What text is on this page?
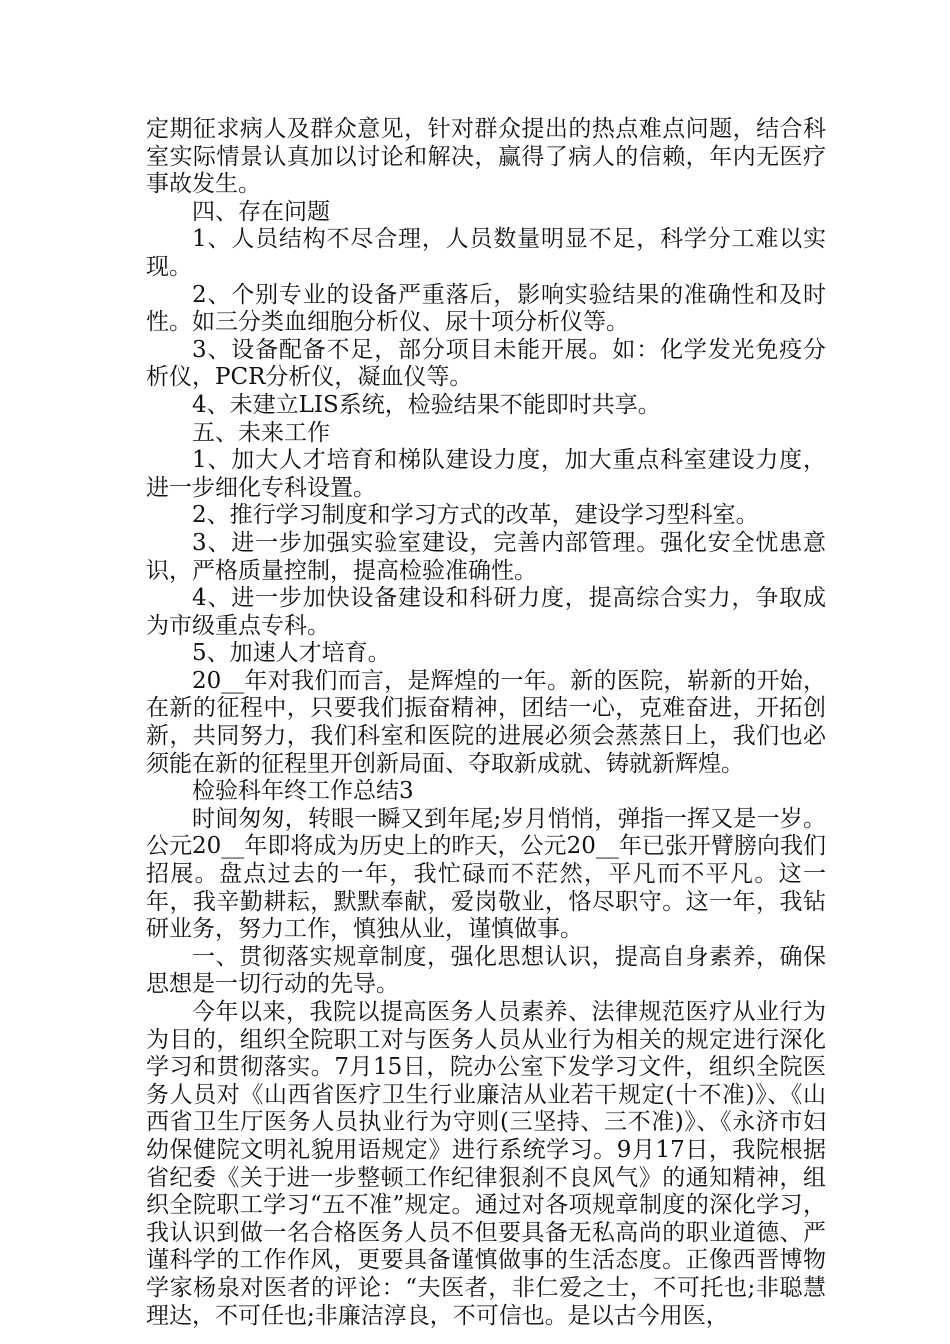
定期征求病人及群众意见，针对群众提出的热点难点问题，结合科室实际情景认真加以讨论和解决，赢得了病人的信赖，年内无医疗事故发生。

四、存在问题

1、人员结构不尽合理，人员数量明显不足，科学分工难以实现。

2、个别专业的设备严重落后，影响实验结果的准确性和及时性。如三分类血细胞分析仪、尿十项分析仪等。

3、设备配备不足，部分项目未能开展。如：化学发光免疫分析仪，PCR分析仪，凝血仪等。

4、未建立LIS系统，检验结果不能即时共享。

五、未来工作

1、加大人才培育和梯队建设力度，加大重点科室建设力度，进一步细化专科设置。

2、推行学习制度和学习方式的改革，建设学习型科室。

3、进一步加强实验室建设，完善内部管理。强化安全忧患意识，严格质量控制，提高检验准确性。

4、进一步加快设备建设和科研力度，提高综合实力，争取成为市级重点专科。

5、加速人才培育。

20__年对我们而言，是辉煌的一年。新的医院，崭新的开始，在新的征程中，只要我们振奋精神，团结一心，克难奋进，开拓创新，共同努力，我们科室和医院的进展必须会蒸蒸日上，我们也必须能在新的征程里开创新局面、夺取新成就、铸就新辉煌。

检验科年终工作总结3

时间匆匆，转眼一瞬又到年尾;岁月悄悄，弹指一挥又是一岁。公元20__年即将成为历史上的昨天，公元20__年已张开臂膀向我们招展。盘点过去的一年，我忙碌而不茫然，平凡而不平凡。这一年，我辛勤耕耘，默默奉献，爱岗敬业，恪尽职守。这一年，我钻研业务，努力工作，慎独从业，谨慎做事。

一、贯彻落实规章制度，强化思想认识，提高自身素养，确保思想是一切行动的先导。

今年以来，我院以提高医务人员素养、法律规范医疗从业行为为目的，组织全院职工对与医务人员从业行为相关的规定进行深化学习和贯彻落实。7月15日，院办公室下发学习文件，组织全院医务人员对《山西省医疗卫生行业廉洁从业若干规定(十不准)》、《山西省卫生厅医务人员执业行为守则(三坚持、三不准)》、《永济市妇幼保健院文明礼貌用语规定》进行系统学习。9月17日，我院根据省纪委《关于进一步整顿工作纪律狠刹不良风气》的通知精神，组织全院职工学习“五不准”规定。通过对各项规章制度的深化学习，我认识到做一名合格医务人员不但要具备无私高尚的职业道德、严谨科学的工作作风，更要具备谨慎做事的生活态度。正像西晋博物学家杨泉对医者的评论：“夫医者，非仁爱之士，不可托也;非聪慧理达，不可任也;非廉洁淳良，不可信也。是以古今用医，
